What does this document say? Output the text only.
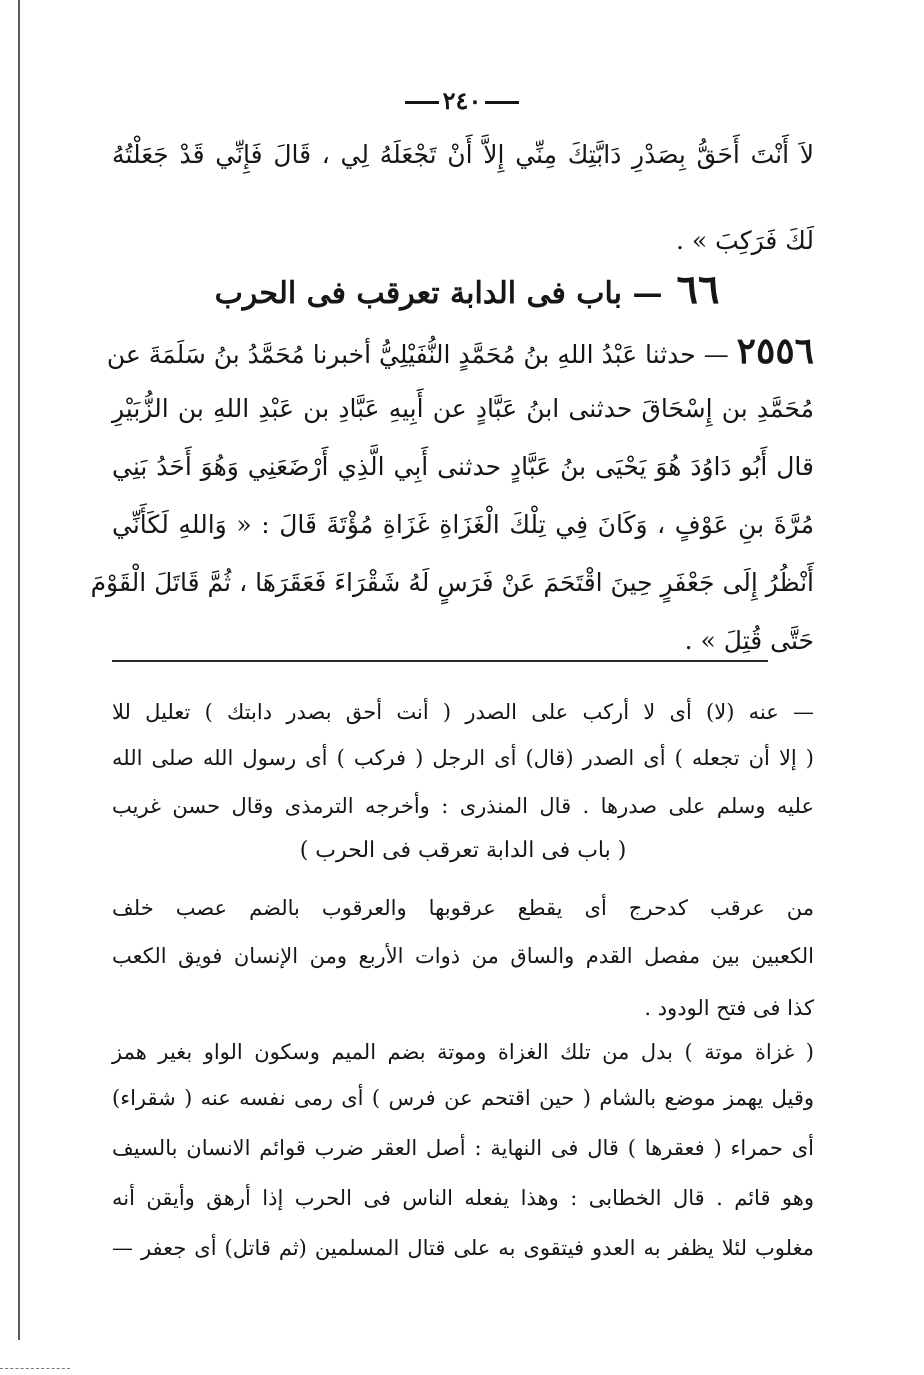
٢٤٠
لاَ أَنْتَ أَحَقُّ بِصَدْرِ دَابَّتِكَ مِنِّي إِلاَّ أَنْ تَجْعَلَهُ لِي ، قَالَ فَإِنِّي قَدْ جَعَلْتُهُ
لَكَ فَرَكِبَ » .
٦٦— باب فى الدابة تعرقب فى الحرب
٢٥٥٦ — حدثنا عَبْدُ اللهِ بنُ مُحَمَّدٍ النُّفَيْلِيُّ أخبرنا مُحَمَّدُ بنُ سَلَمَةَ عن
مُحَمَّدِ بن إِسْحَاقَ حدثنى ابنُ عَبَّادٍ عن أَبِيهِ عَبَّادِ بن عَبْدِ اللهِ بن الزُّبَيْرِ
قال أَبُو دَاوُدَ هُوَ يَحْيَى بنُ عَبَّادٍ حدثنى أَبِي الَّذِي أَرْضَعَنِي وَهُوَ أَحَدُ بَنِي
مُرَّةَ بنِ عَوْفٍ ، وَكَانَ فِي تِلْكَ الْغَزَاةِ غَزَاةِ مُؤْتَةَ قَالَ : « وَاللهِ لَكَأَنِّي
أَنْظُرُ إِلَى جَعْفَرٍ حِينَ اقْتَحَمَ عَنْ فَرَسٍ لَهُ شَقْرَاءَ فَعَقَرَهَا ، ثُمَّ قَاتَلَ الْقَوْمَ
حَتَّى قُتِلَ » .
— عنه (لا) أى لا أركب على الصدر ( أنت أحق بصدر دابتك ) تعليل للا
( إلا أن تجعله ) أى الصدر (قال) أى الرجل ( فركب ) أى رسول الله صلى الله
عليه وسلم على صدرها . قال المنذرى : وأخرجه الترمذى وقال حسن غريب
( باب فى الدابة تعرقب فى الحرب )
من عرقب كدحرج أى يقطع عرقوبها والعرقوب بالضم عصب خلف
الكعبين بين مفصل القدم والساق من ذوات الأربع ومن الإنسان فويق الكعب
كذا فى فتح الودود .
( غزاة موتة ) بدل من تلك الغزاة وموتة بضم الميم وسكون الواو بغير همز
وقيل يهمز موضع بالشام ( حين اقتحم عن فرس ) أى رمى نفسه عنه ( شقراء)
أى حمراء ( فعقرها ) قال فى النهاية : أصل العقر ضرب قوائم الانسان بالسيف
وهو قائم . قال الخطابى : وهذا يفعله الناس فى الحرب إذا أرهق وأيقن أنه
مغلوب لئلا يظفر به العدو فيتقوى به على قتال المسلمين (ثم قاتل) أى جعفر —
